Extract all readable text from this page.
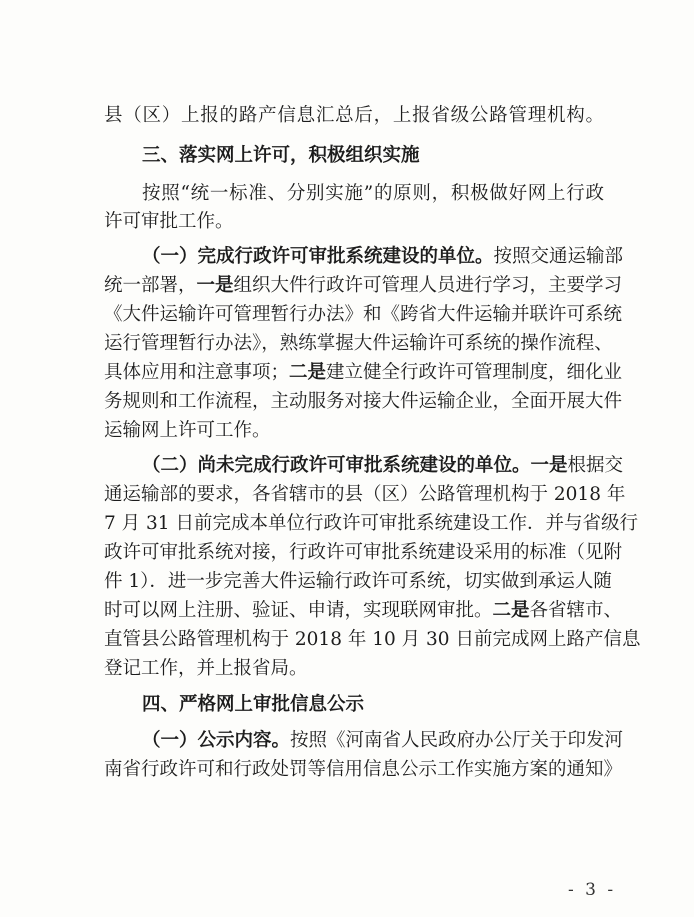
县（区）上报的路产信息汇总后，上报省级公路管理机构。
三、落实网上许可，积极组织实施
按照“统一标准、分别实施”的原则，积极做好网上行政
许可审批工作。
（一）完成行政许可审批系统建设的单位。按照交通运输部
统一部署，一是组织大件行政许可管理人员进行学习，主要学习
《大件运输许可管理暂行办法》和《跨省大件运输并联许可系统
运行管理暂行办法》，熟练掌握大件运输许可系统的操作流程、
具体应用和注意事项；二是建立健全行政许可管理制度，细化业
务规则和工作流程，主动服务对接大件运输企业，全面开展大件
运输网上许可工作。
（二）尚未完成行政许可审批系统建设的单位。一是根据交
通运输部的要求，各省辖市的县（区）公路管理机构于 2018 年
7 月 31 日前完成本单位行政许可审批系统建设工作．并与省级行
政许可审批系统对接，行政许可审批系统建设采用的标准（见附
件 1）．进一步完善大件运输行政许可系统，切实做到承运人随
时可以网上注册、验证、申请，实现联网审批。二是各省辖市、
直管县公路管理机构于 2018 年 10 月 30 日前完成网上路产信息
登记工作，并上报省局。
四、严格网上审批信息公示
（一）公示内容。按照《河南省人民政府办公厅关于印发河
南省行政许可和行政处罚等信用信息公示工作实施方案的通知》
- 3 -
